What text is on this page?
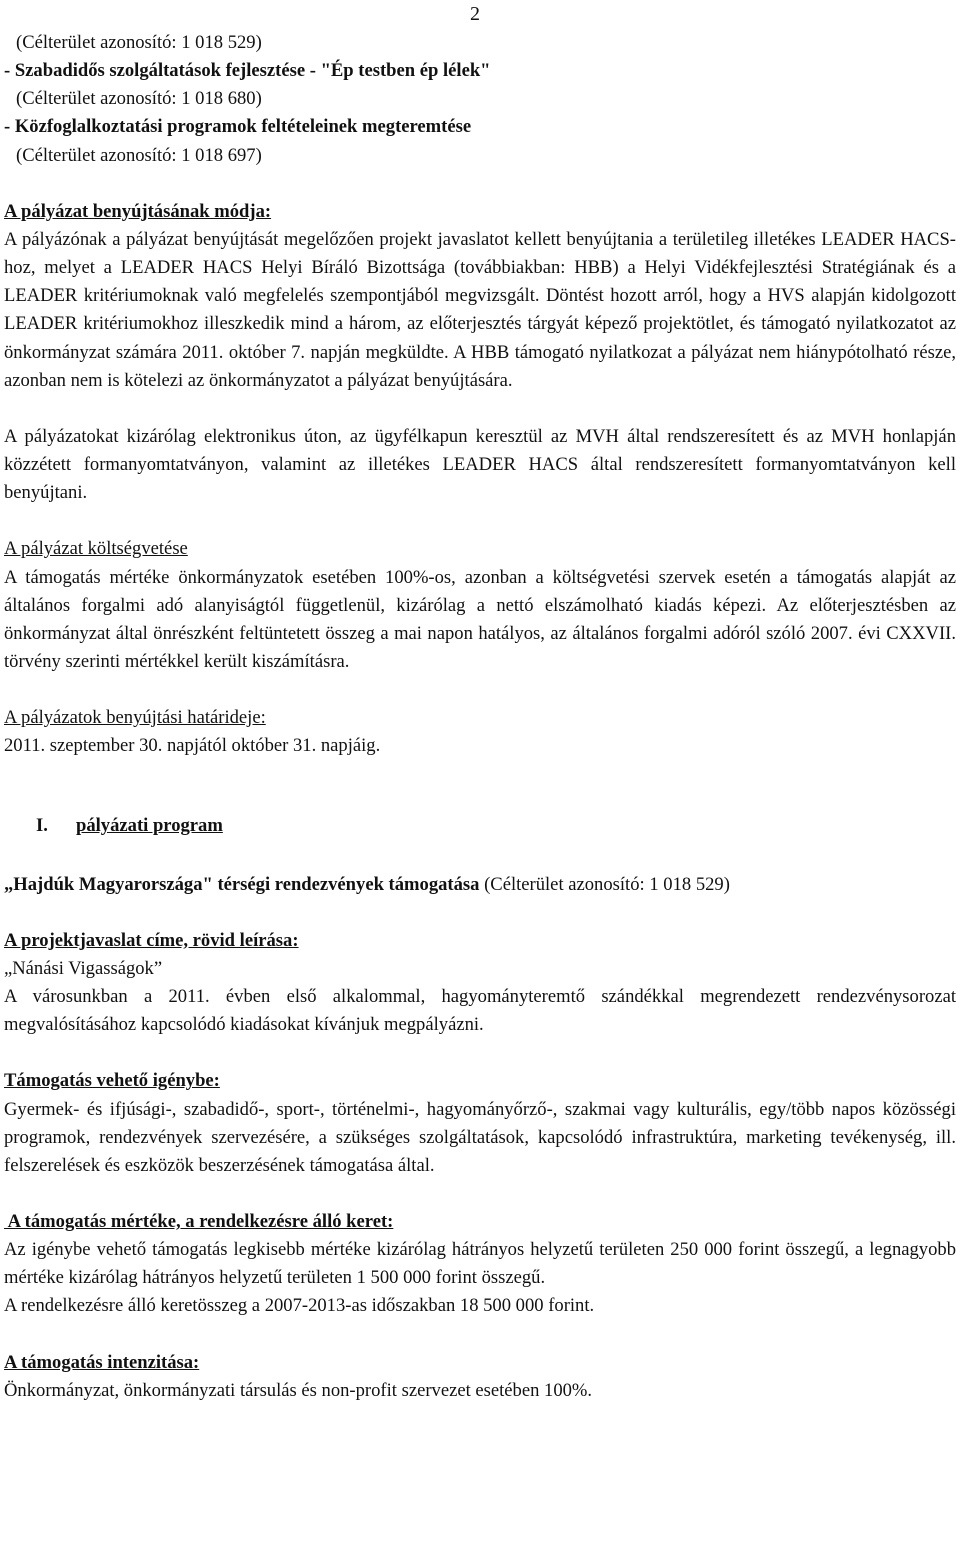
2

(Célterület azonosító: 1 018 529)

- Szabadidős szolgáltatások fejlesztése - "Ép testben ép lélek"

(Célterület azonosító: 1 018 680)

- Közfoglalkoztatási programok feltételeinek megteremtése

(Célterület azonosító: 1 018 697)

A pályázat benyújtásának módja:

A pályázónak a pályázat benyújtását megelőzően projekt javaslatot kellett benyújtania a területileg illetékes LEADER HACS-hoz, melyet a LEADER HACS Helyi Bíráló Bizottsága (továbbiakban: HBB) a Helyi Vidékfejlesztési Stratégiának és a LEADER kritériumoknak való megfelelés szempontjából megvizsgált. Döntést hozott arról, hogy a HVS alapján kidolgozott LEADER kritériumokhoz illeszkedik mind a három, az előterjesztés tárgyát képező projektötlet, és támogató nyilatkozatot az önkormányzat számára 2011. október 7. napján megküldte. A HBB támogató nyilatkozat a pályázat nem hiánypótolható része, azonban nem is kötelezi az önkormányzatot a pályázat benyújtására.

A pályázatokat kizárólag elektronikus úton, az ügyfélkapun keresztül az MVH által rendszeresített és az MVH honlapján közzétett formanyomtatványon, valamint az illetékes LEADER HACS által rendszeresített formanyomtatványon kell benyújtani.

A pályázat költségvetése

A támogatás mértéke önkormányzatok esetében 100%-os, azonban a költségvetési szervek esetén a támogatás alapját az általános forgalmi adó alanyiságtól függetlenül, kizárólag a nettó elszámolható kiadás képezi. Az előterjesztésben az önkormányzat által önrészként feltüntetett összeg a mai napon hatályos, az általános forgalmi adóról szóló 2007. évi CXXVII. törvény szerinti mértékkel került kiszámításra.

A pályázatok benyújtási határideje:

2011. szeptember 30. napjától október 31. napjáig.

I. pályázati program

„Hajdúk Magyarországa" térségi rendezvények támogatása (Célterület azonosító: 1 018 529)

A projektjavaslat címe, rövid leírása:

„Nánási Vigasságok”

A városunkban a 2011. évben első alkalommal, hagyományteremtő szándékkal megrendezett rendezvénysorozat megvalósításához kapcsolódó kiadásokat kívánjuk megpályázni.

Támogatás vehető igénybe:

Gyermek- és ifjúsági-, szabadidő-, sport-, történelmi-, hagyományőrző-, szakmai vagy kulturális, egy/több napos közösségi programok, rendezvények szervezésére, a szükséges szolgáltatások, kapcsolódó infrastruktúra, marketing tevékenység, ill. felszerelések és eszközök beszerzésének támogatása által.

A támogatás mértéke, a rendelkezésre álló keret:

Az igénybe vehető támogatás legkisebb mértéke kizárólag hátrányos helyzetű területen 250 000 forint összegű, a legnagyobb mértéke kizárólag hátrányos helyzetű területen 1 500 000 forint összegű.

A rendelkezésre álló keretösszeg a 2007-2013-as időszakban 18 500 000 forint.

A támogatás intenzitása:

Önkormányzat, önkormányzati társulás és non-profit szervezet esetében 100%.
